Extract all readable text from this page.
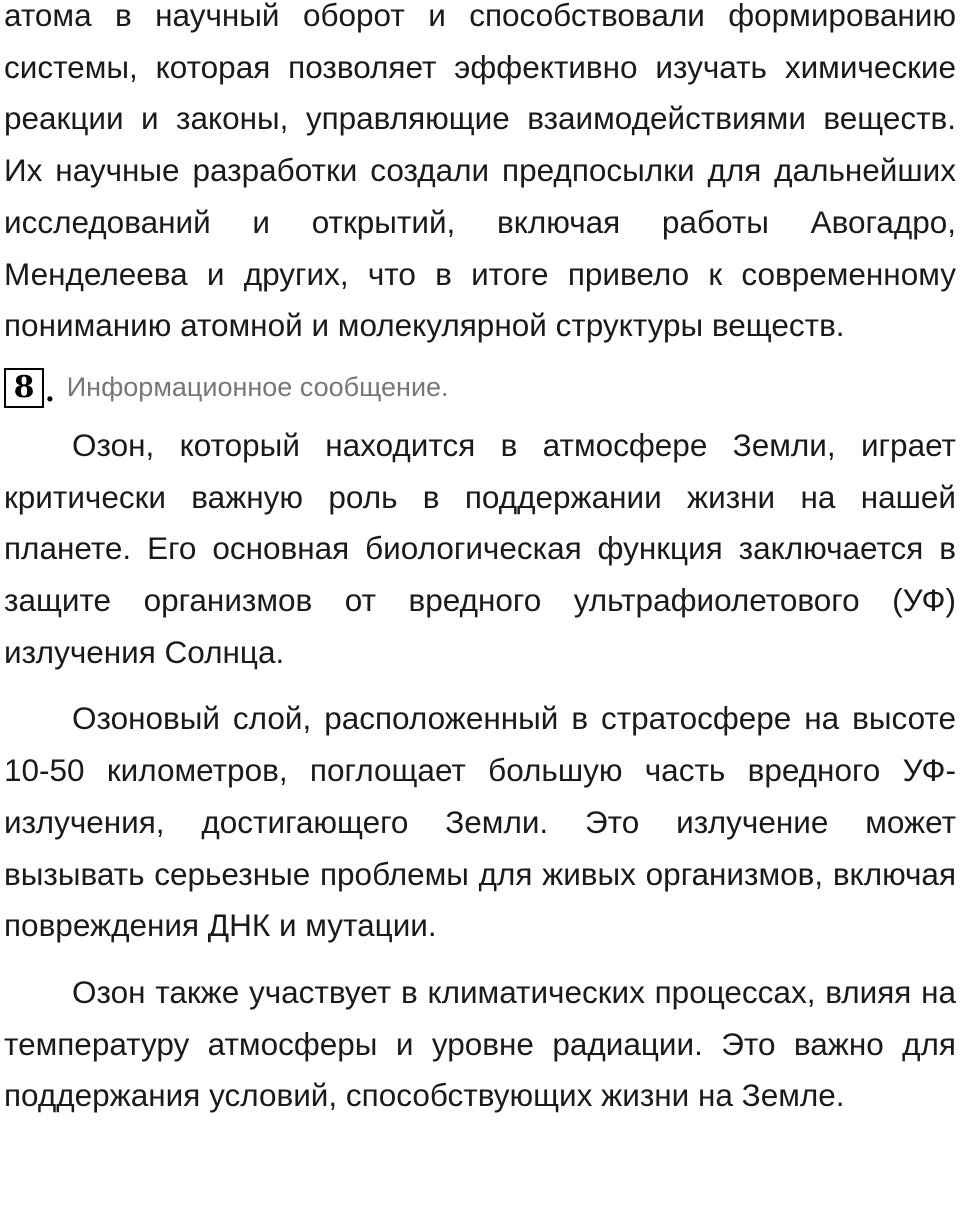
атома в научный оборот и способствовали формированию системы, которая позволяет эффективно изучать химические реакции и законы, управляющие взаимодействиями веществ. Их научные разработки создали предпосылки для дальнейших исследований и открытий, включая работы Авогадро, Менделеева и других, что в итоге привело к современному пониманию атомной и молекулярной структуры веществ.

8 . Информационное сообщение.

Озон, который находится в атмосфере Земли, играет критически важную роль в поддержании жизни на нашей планете. Его основная биологическая функция заключается в защите организмов от вредного ультрафиолетового (УФ) излучения Солнца.

Озоновый слой, расположенный в стратосфере на высоте 10-50 километров, поглощает большую часть вредного УФ-излучения, достигающего Земли. Это излучение может вызывать серьезные проблемы для живых организмов, включая повреждения ДНК и мутации.

Озон также участвует в климатических процессах, влияя на температуру атмосферы и уровне радиации. Это важно для поддержания условий, способствующих жизни на Земле.
